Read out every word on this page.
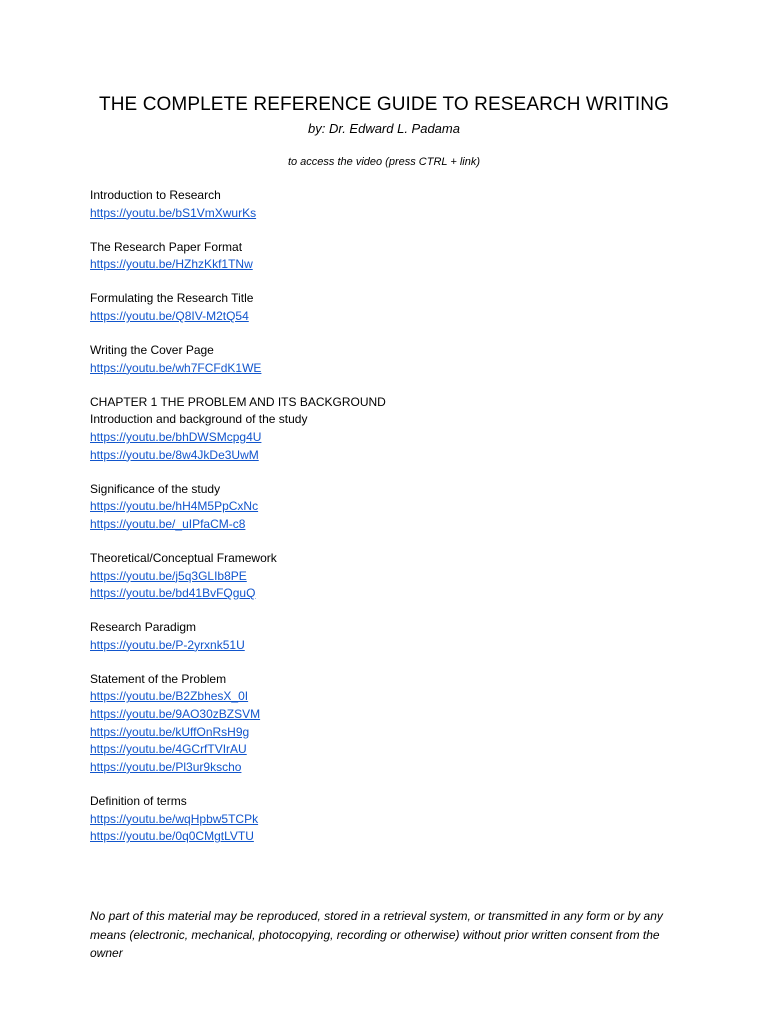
THE COMPLETE REFERENCE GUIDE TO RESEARCH WRITING
by: Dr. Edward L. Padama
to access the video (press CTRL + link)
Introduction to Research
https://youtu.be/bS1VmXwurKs
The Research Paper Format
https://youtu.be/HZhzKkf1TNw
Formulating the Research Title
https://youtu.be/Q8IV-M2tQ54
Writing the Cover Page
https://youtu.be/wh7FCFdK1WE
CHAPTER 1 THE PROBLEM AND ITS BACKGROUND
Introduction and background of the study
https://youtu.be/bhDWSMcpg4U
https://youtu.be/8w4JkDe3UwM
Significance of the study
https://youtu.be/hH4M5PpCxNc
https://youtu.be/_uIPfaCM-c8
Theoretical/Conceptual Framework
https://youtu.be/j5q3GLIb8PE
https://youtu.be/bd41BvFQguQ
Research Paradigm
https://youtu.be/P-2yrxnk51U
Statement of the Problem
https://youtu.be/B2ZbhesX_0I
https://youtu.be/9AO30zBZSVM
https://youtu.be/kUffOnRsH9g
https://youtu.be/4GCrfTVIrAU
https://youtu.be/Pl3ur9kscho
Definition of terms
https://youtu.be/wqHpbw5TCPk
https://youtu.be/0q0CMgtLVTU
No part of this material may be reproduced, stored in a retrieval system, or transmitted in any form or by any means (electronic, mechanical, photocopying, recording or otherwise) without prior written consent from the owner
